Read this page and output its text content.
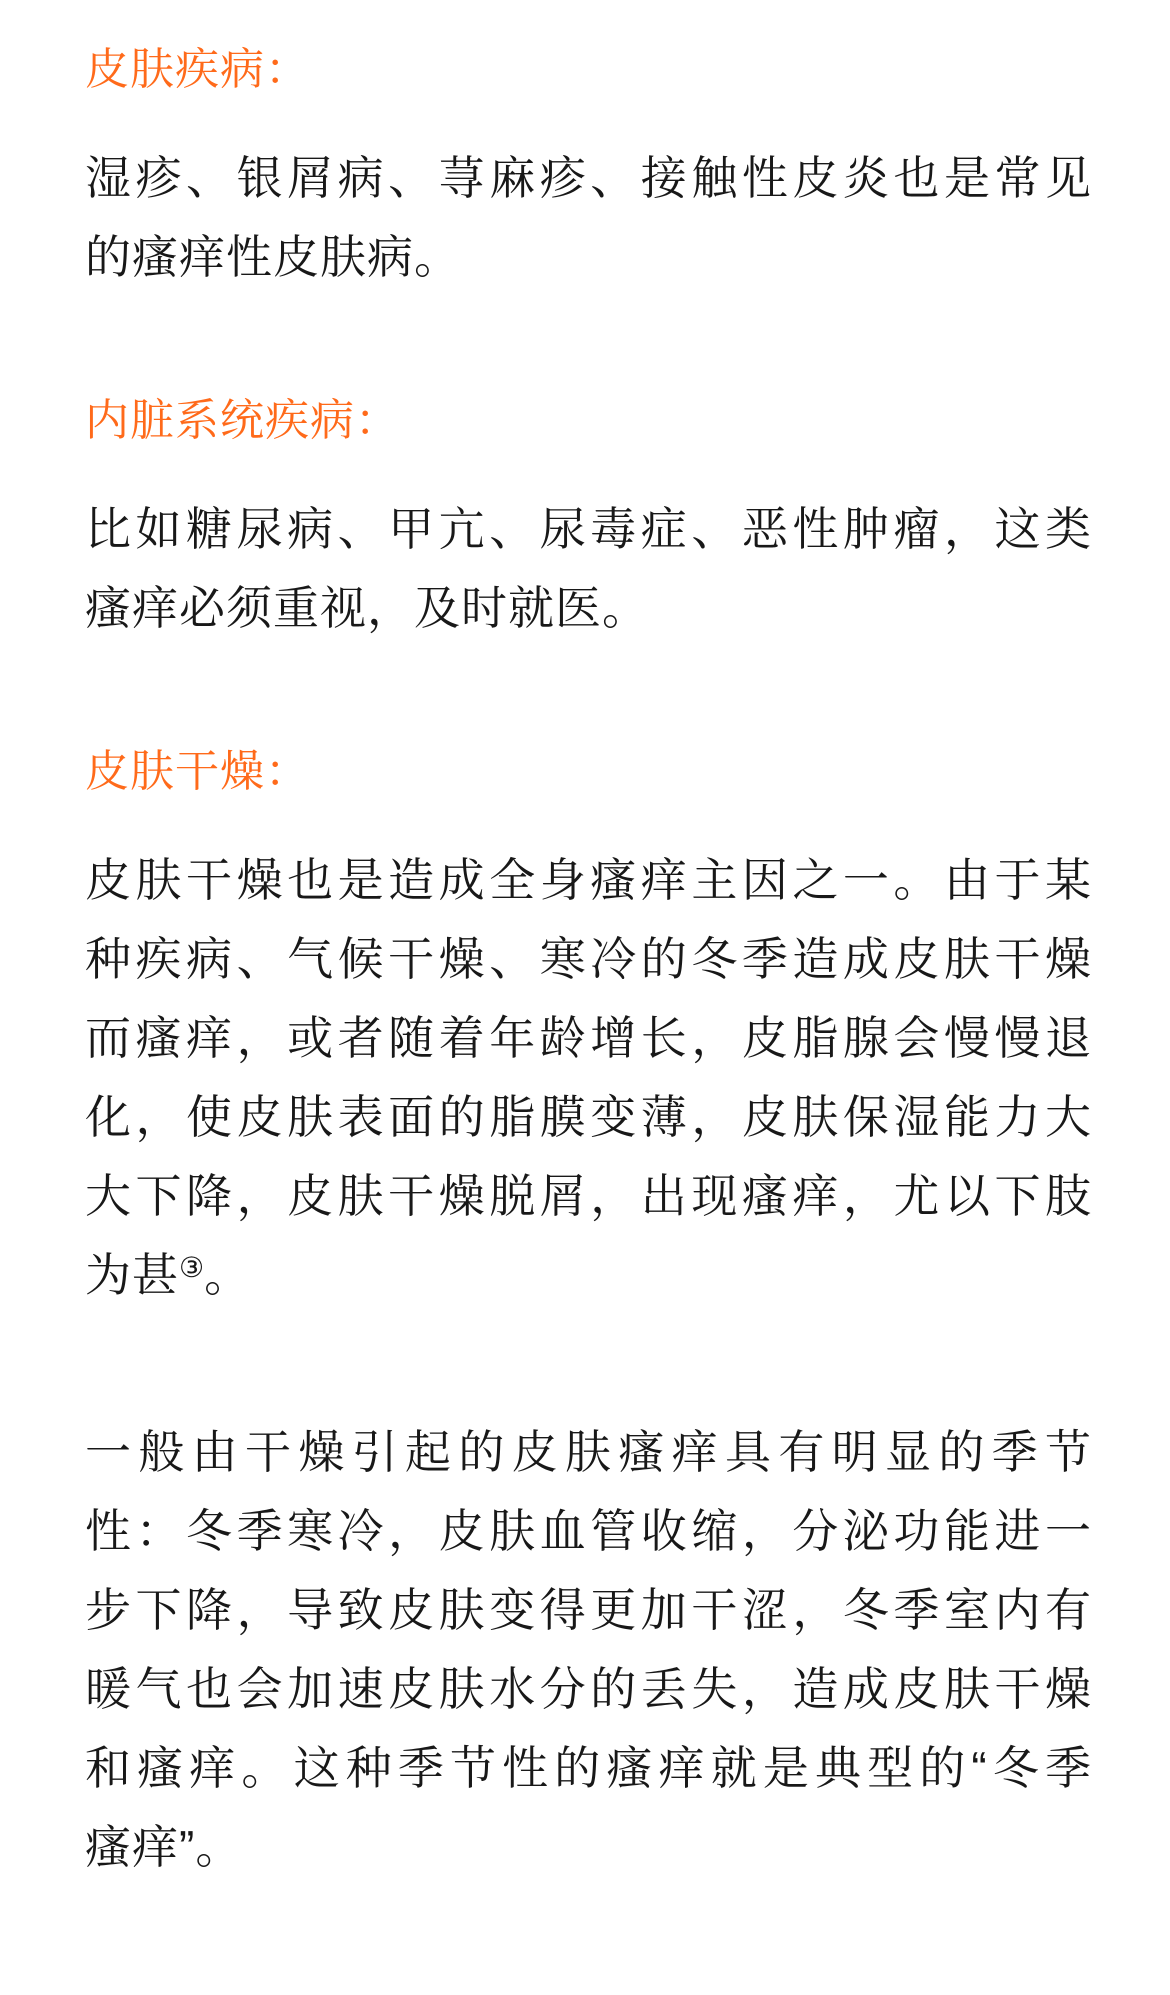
皮肤疾病：
湿疹、银屑病、荨麻疹、接触性皮炎也是常见
的瘙痒性皮肤病。
内脏系统疾病：
比如糖尿病、甲亢、尿毒症、恶性肿瘤，这类
瘙痒必须重视，及时就医。
皮肤干燥：
皮肤干燥也是造成全身瘙痒主因之一。由于某
种疾病、气候干燥、寒冷的冬季造成皮肤干燥
而瘙痒，或者随着年龄增长，皮脂腺会慢慢退
化，使皮肤表面的脂膜变薄，皮肤保湿能力大
大下降，皮肤干燥脱屑，出现瘙痒，尤以下肢
为甚③。
一般由干燥引起的皮肤瘙痒具有明显的季节
性：冬季寒冷，皮肤血管收缩，分泌功能进一
步下降，导致皮肤变得更加干涩，冬季室内有
暖气也会加速皮肤水分的丢失，造成皮肤干燥
和瘙痒。这种季节性的瘙痒就是典型的“冬季
瘙痒”。
